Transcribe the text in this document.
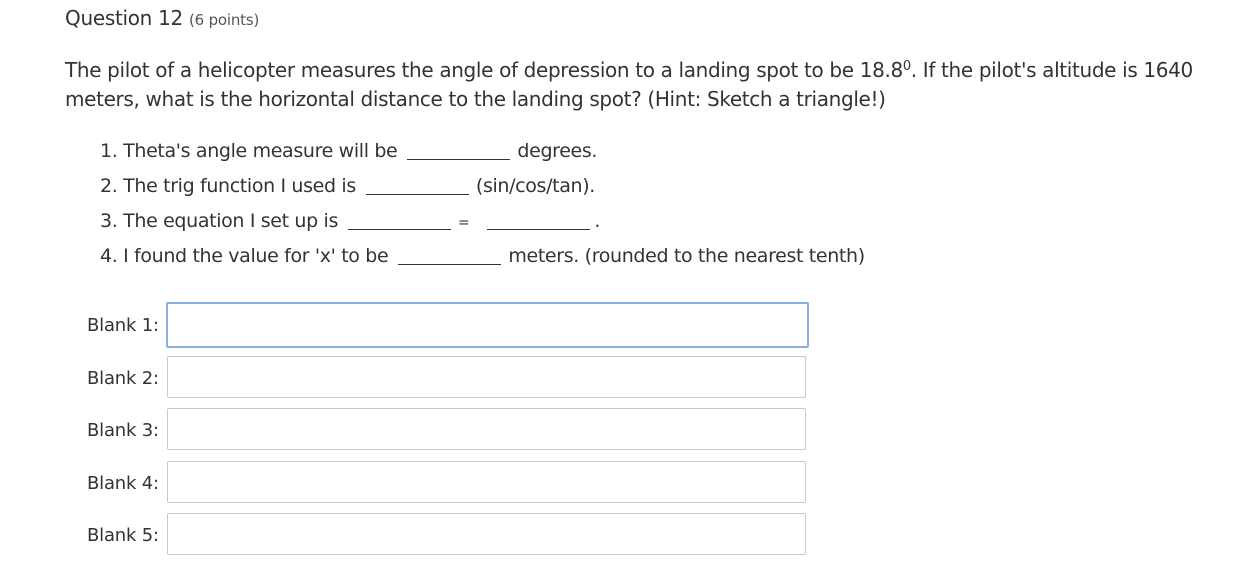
Question 12 (6 points)
The pilot of a helicopter measures the angle of depression to a landing spot to be 18.8$^0$. If the pilot's altitude is 1640 meters, what is the horizontal distance to the landing spot? (Hint: Sketch a triangle!)
1. Theta's angle measure will be	degrees.
2. The trig function I used is	(sin/cos/tan).
3. The equation I set up is	=	.
4. I found the value for 'x' to be	meters. (rounded to the nearest tenth)
Blank 1:
Blank 2:
Blank 3:
Blank 4:
Blank 5:
